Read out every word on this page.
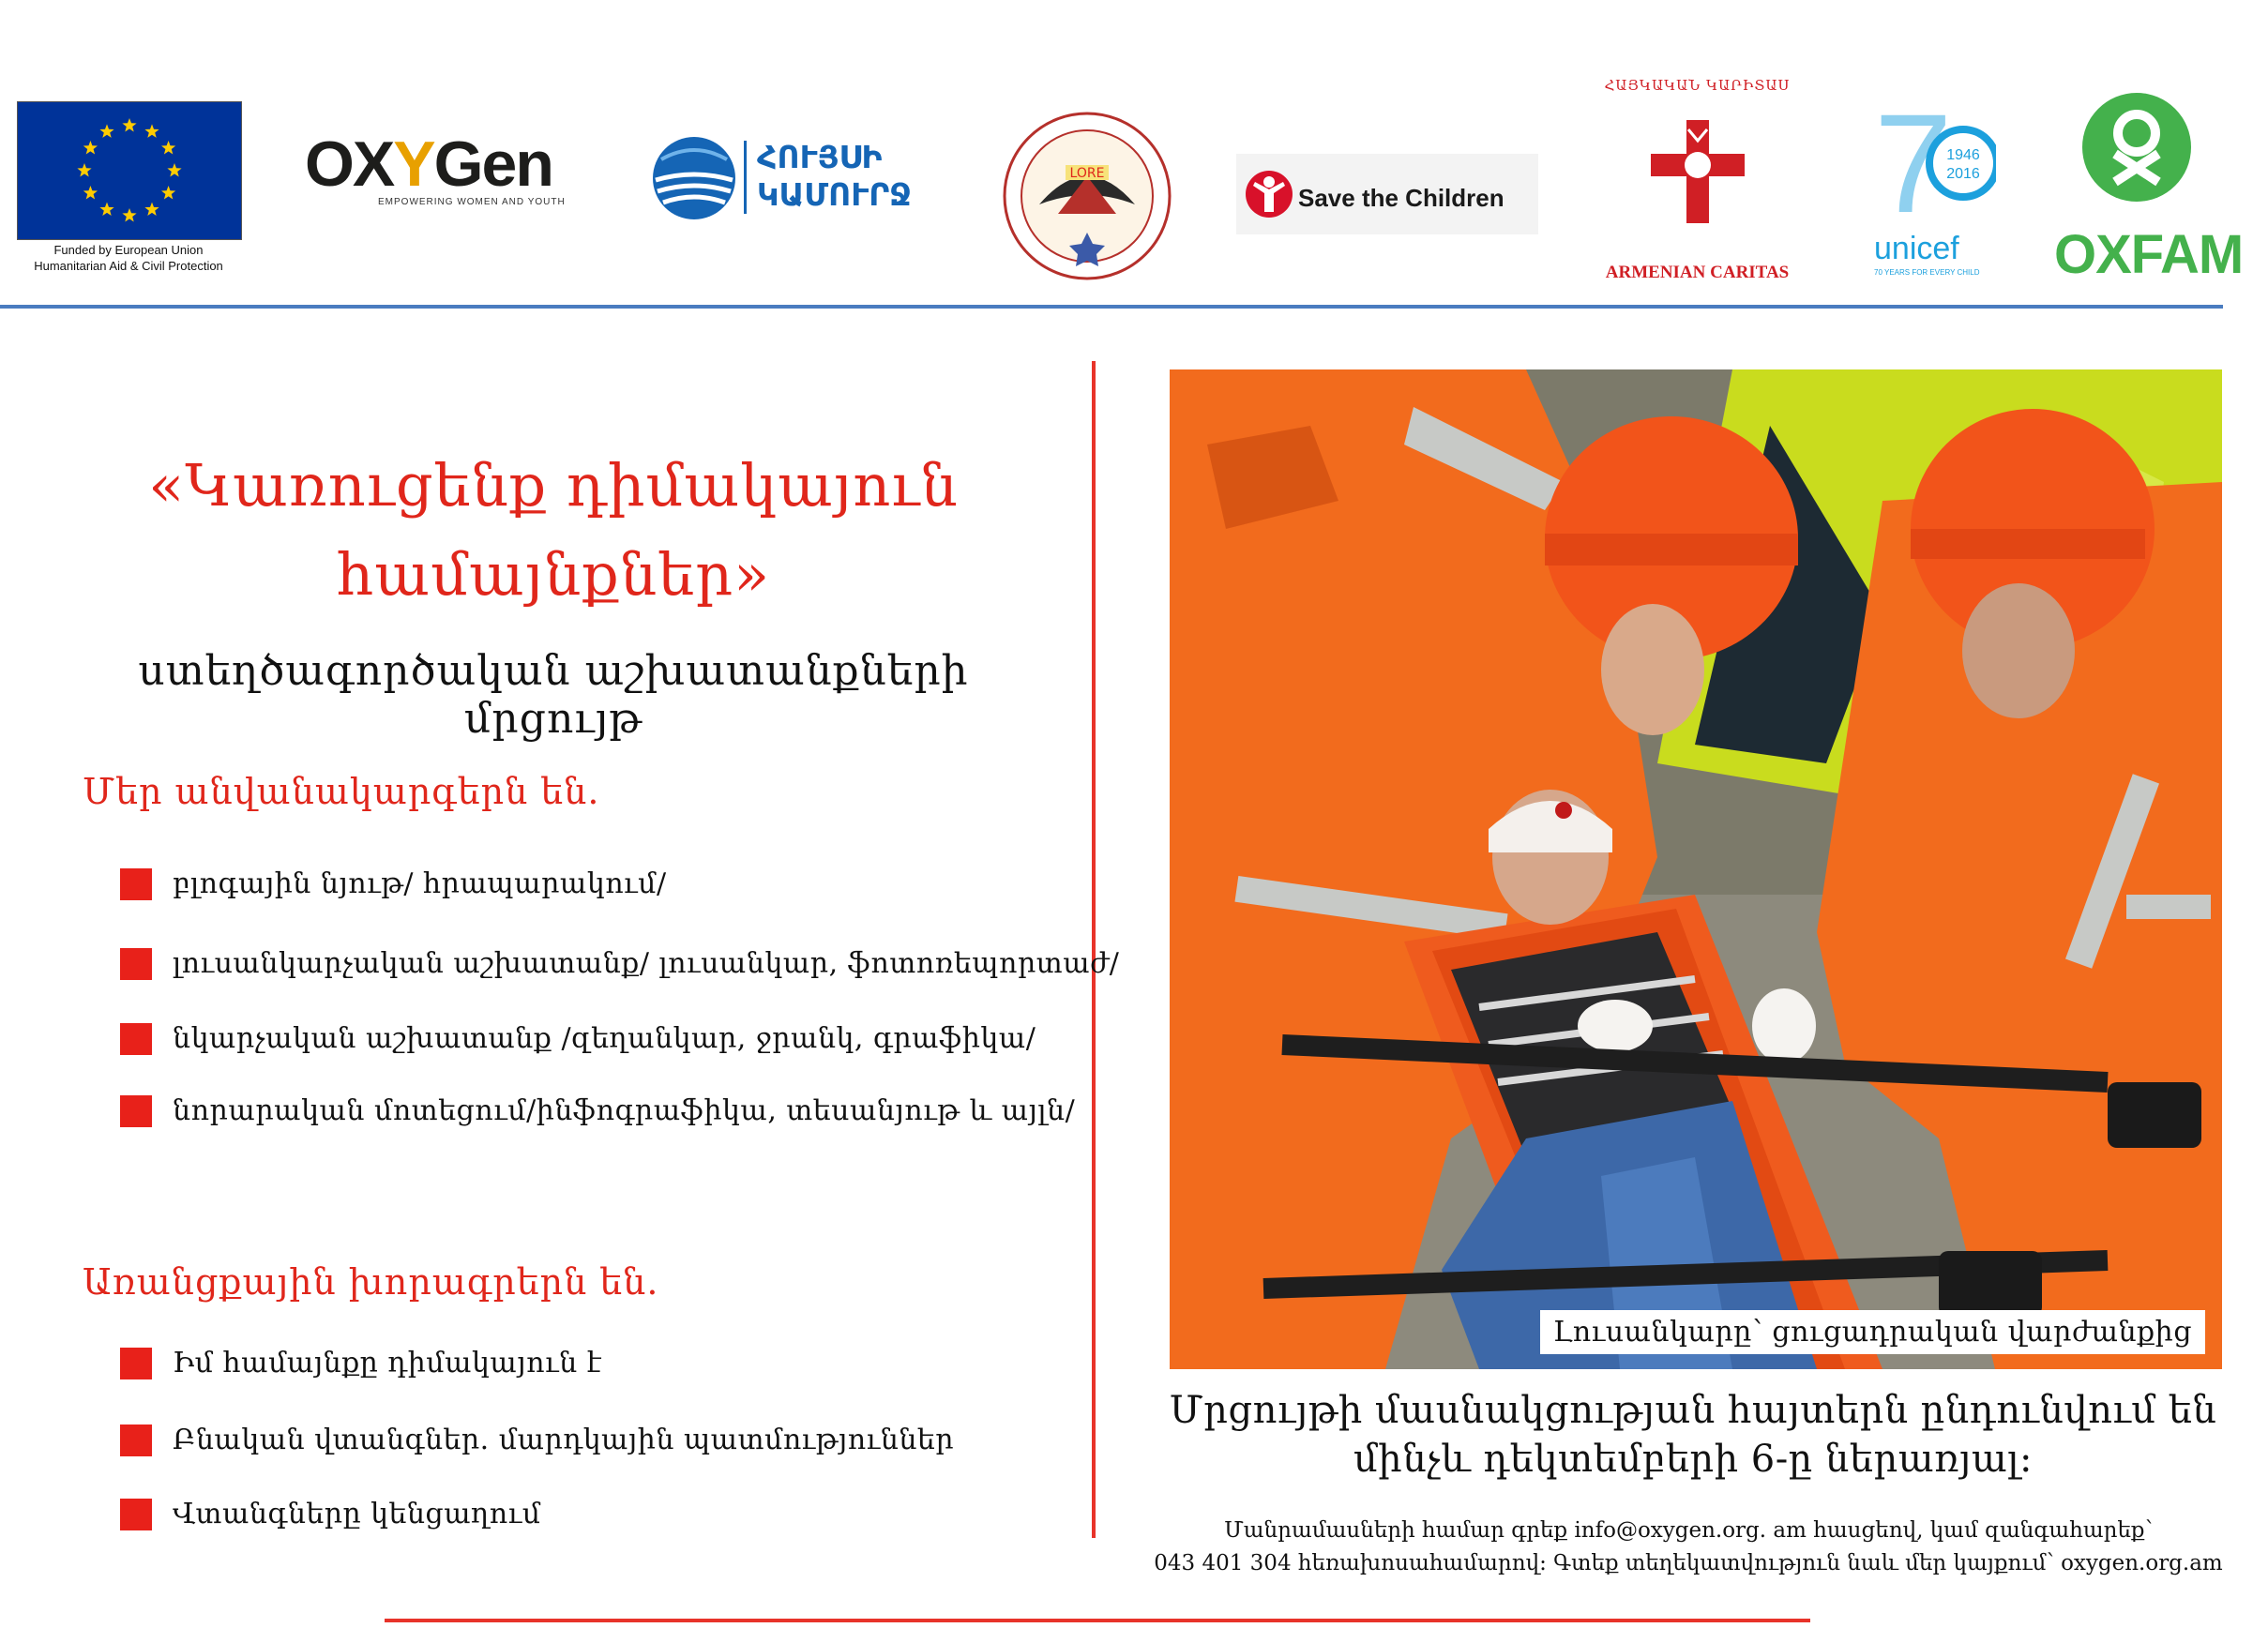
Funded by European Union
Humanitarian Aid & Civil Protection
OXYGen
EMPOWERING WOMEN AND YOUTH
ՀՈՒՅՍԻ
ԿԱՄՈՒՐՋ
LORE
Save the Children
ՀԱՅԿԱԿԱՆ ԿԱՐԻՏԱՍ
ARMENIAN CARITAS
7
1946
2016
unicef
70 YEARS FOR EVERY CHILD OXFAM
«Կառուցենք դիմակայուն
համայնքներ»
ստեղծագործական աշխատանքների մրցույթ
Մեր անվանակարգերն են.
բլոգային նյութ/ հրապարակում/
լուսանկարչական աշխատանք/ լուսանկար, ֆոտոռեպորտաժ/
նկարչական աշխատանք /զեղանկար, ջրանկ, գրաֆիկա/
նորարական մոտեցում/ինֆոգրաֆիկա, տեսանյութ և այլն/
Առանցքային խորագրերն են.
Իմ համայնքը դիմակայուն է
Բնական վտանգներ. մարդկային պատմություններ
Վտանգները կենցաղում
Լուսանկարը՝ ցուցադրական վարժանքից
Մրցույթի մասնակցության հայտերն ընդունվում են
մինչև դեկտեմբերի 6-ը ներառյալ:
Մանրամասների համար գրեք info@oxygen.org. am հասցեով, կամ զանգահարեք՝
043 401 304 հեռախոսահամարով: Գտեք տեղեկատվություն նաև մեր կայքում՝ oxygen.org.am
